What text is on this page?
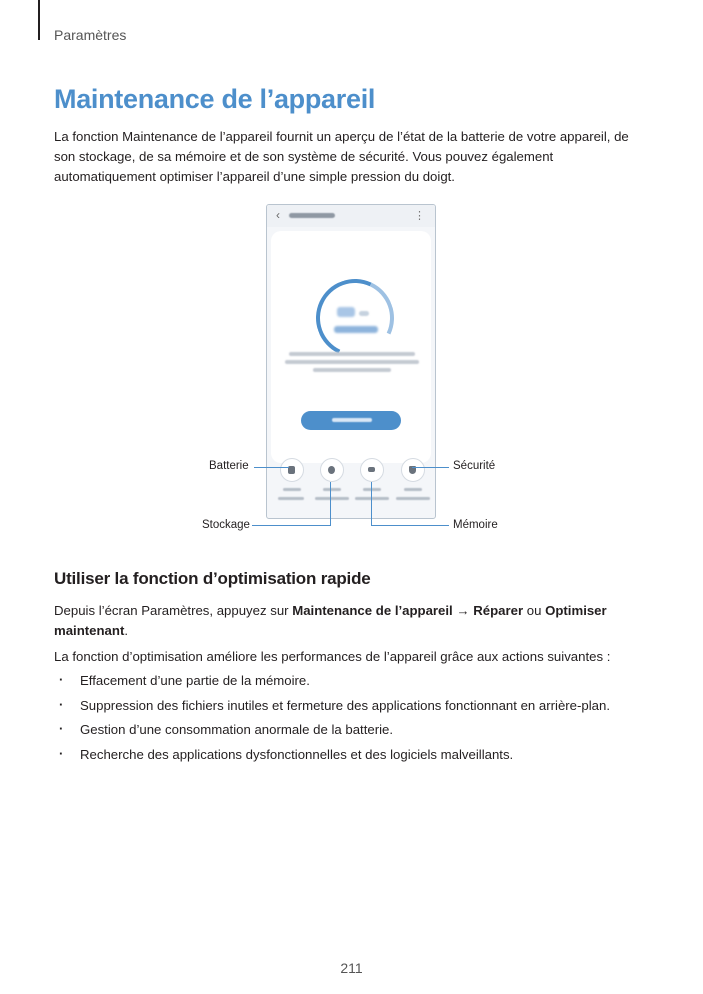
Paramètres
Maintenance de l’appareil

La fonction Maintenance de l’appareil fournit un aperçu de l’état de la batterie de votre appareil, de son stockage, de sa mémoire et de son système de sécurité. Vous pouvez également automatiquement optimiser l’appareil d’une simple pression du doigt.

‹	⋮
Batterie	Sécurité
Stockage	Mémoire
Utiliser la fonction d’optimisation rapide

Depuis l’écran Paramètres, appuyez sur Maintenance de l’appareil → Réparer ou Optimiser maintenant.

La fonction d’optimisation améliore les performances de l’appareil grâce aux actions suivantes :

· Effacement d’une partie de la mémoire.
· Suppression des fichiers inutiles et fermeture des applications fonctionnant en arrière-plan.
· Gestion d’une consommation anormale de la batterie.
· Recherche des applications dysfonctionnelles et des logiciels malveillants.
211
